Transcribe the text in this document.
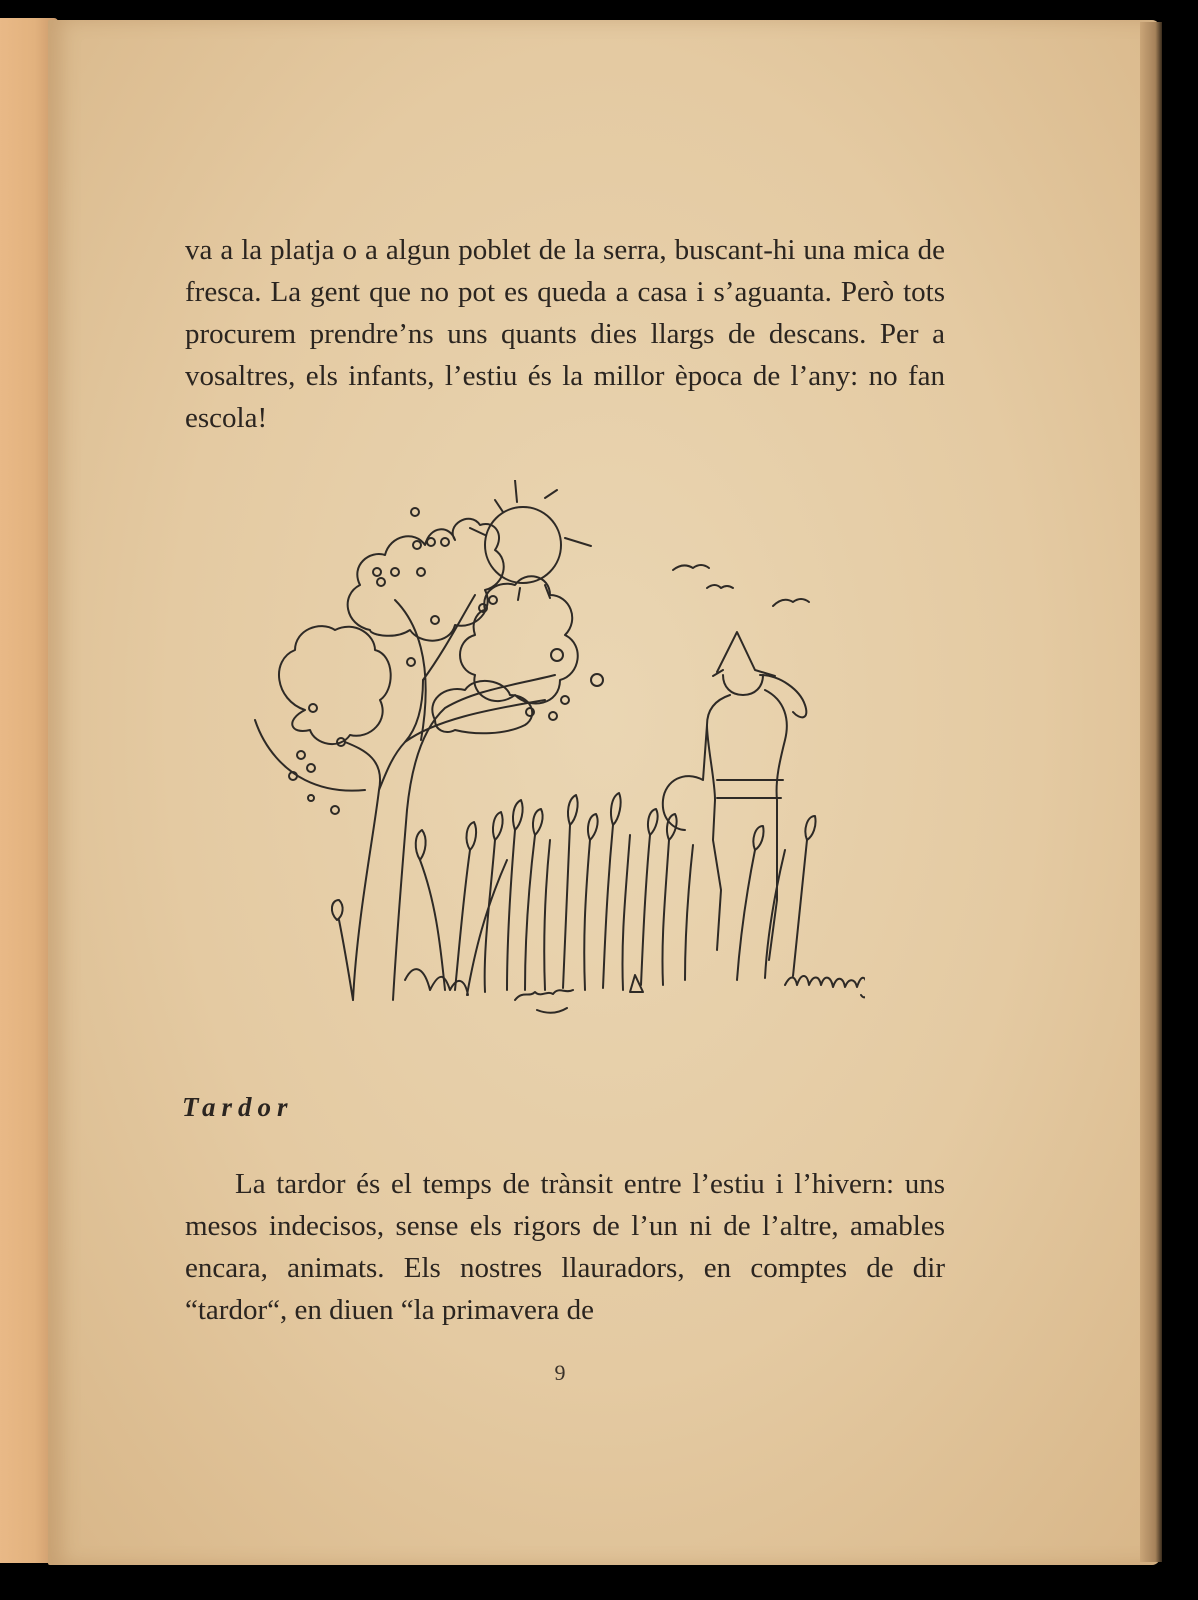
va a la platja o a algun poblet de la serra, buscant-hi una mica de fresca. La gent que no pot es queda a casa i s’aguanta. Però tots procurem prendre’ns uns quants dies llargs de descans. Per a vosaltres, els infants, l’estiu és la millor època de l’any: no fan escola!

Tardor

La tardor és el temps de trànsit entre l’estiu i l’hivern: uns mesos indecisos, sense els rigors de l’un ni de l’altre, amables encara, animats. Els nostres llauradors, en comptes de dir “tardor“, en diuen “la primavera de

9
